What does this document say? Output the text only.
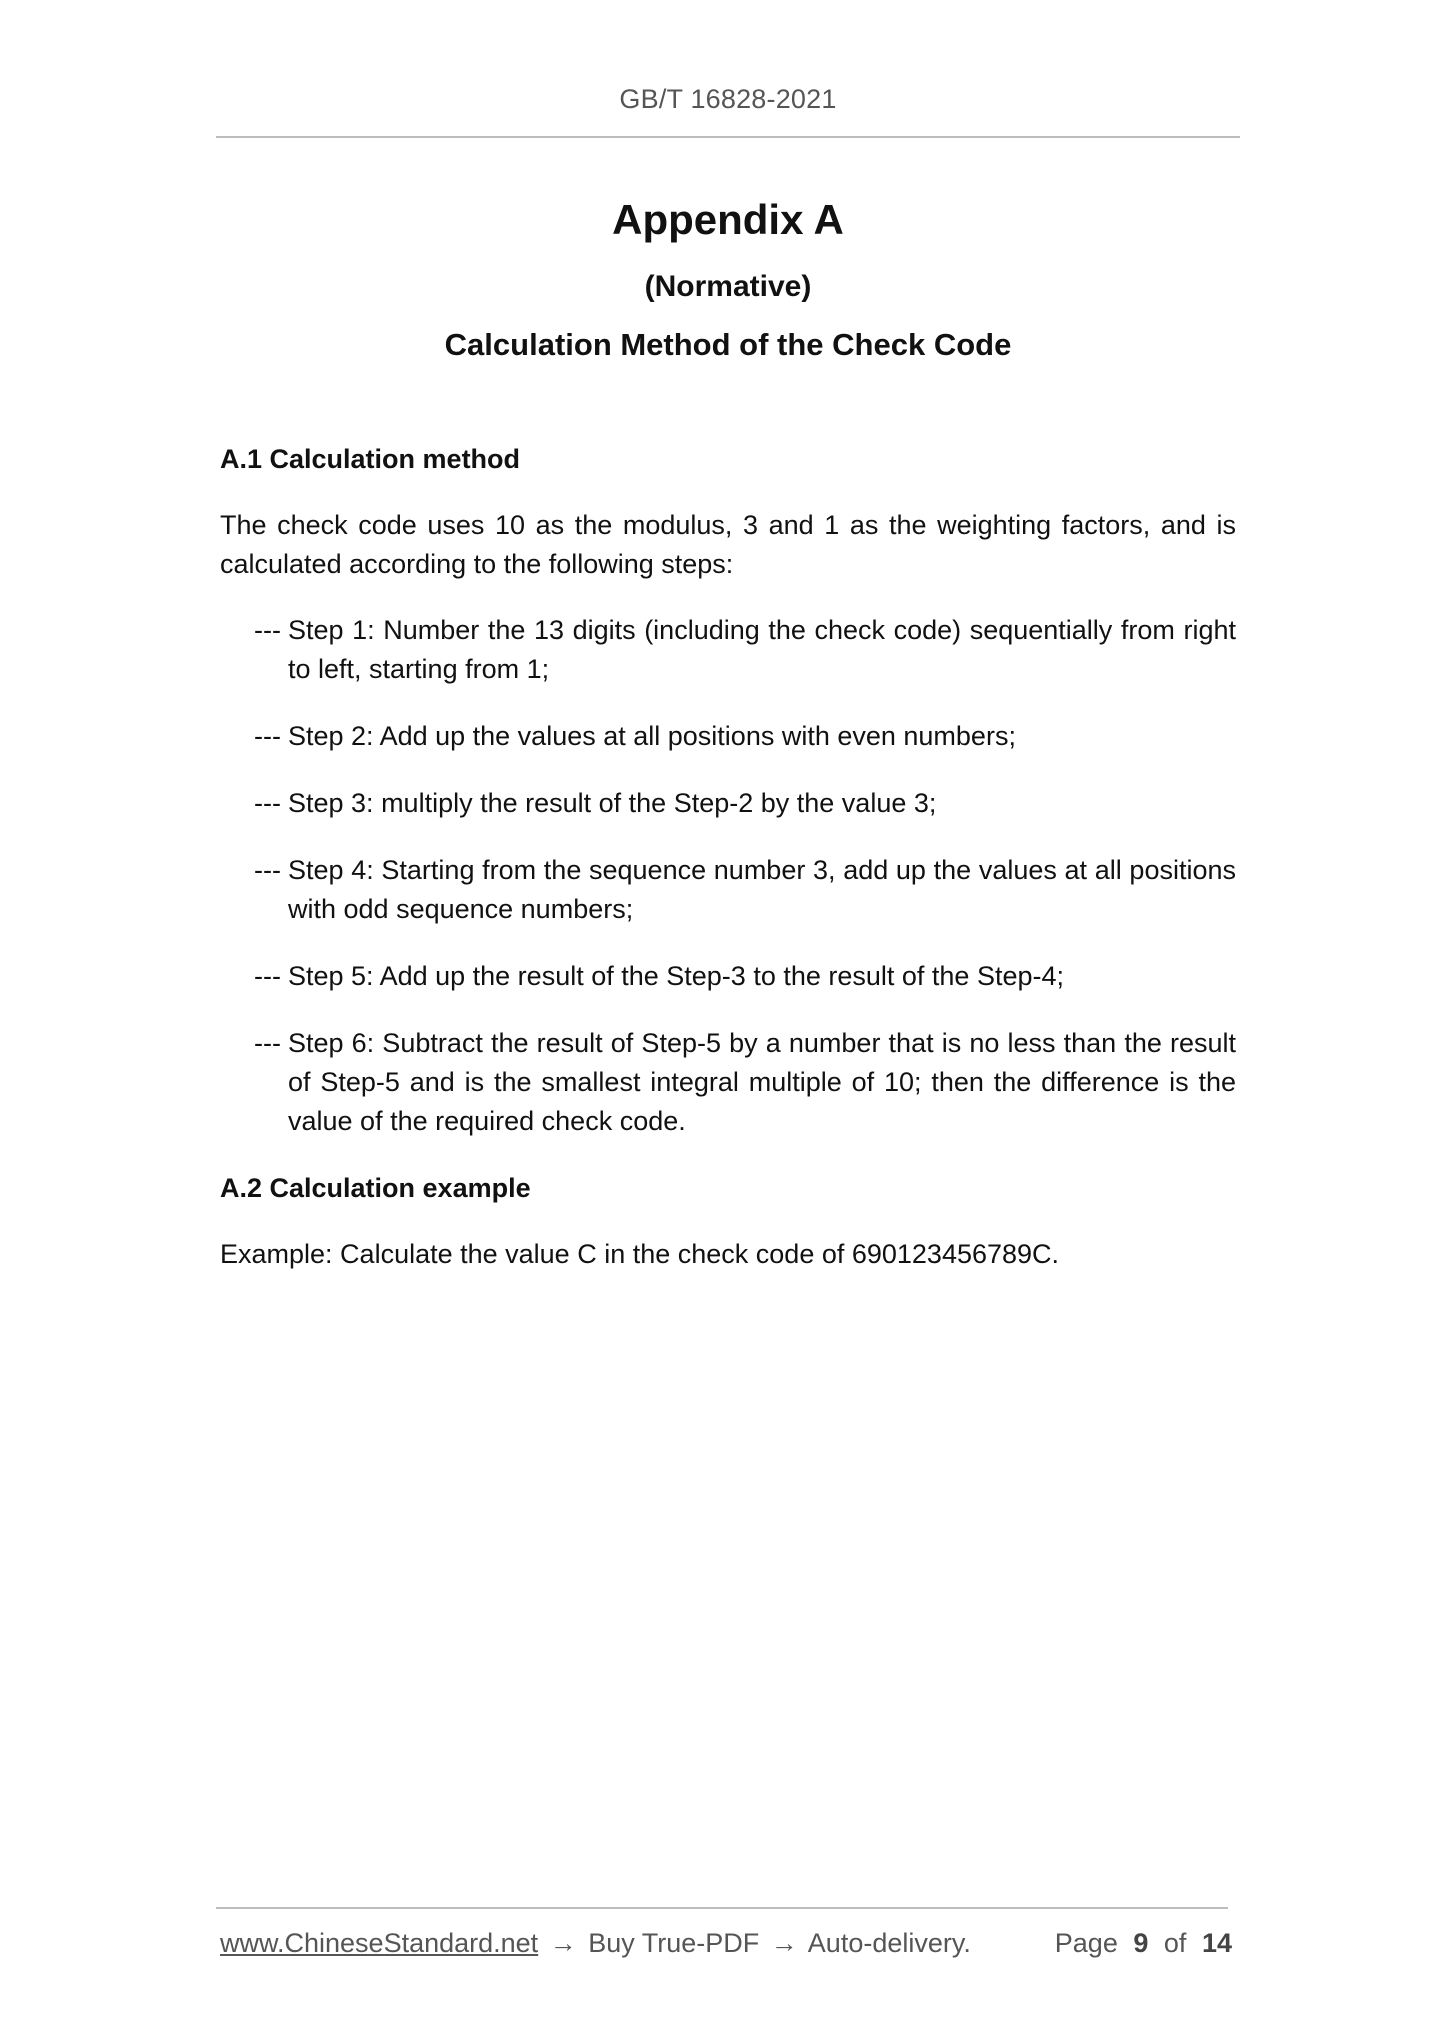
GB/T 16828-2021
Appendix A
(Normative)
Calculation Method of the Check Code
A.1 Calculation method
The check code uses 10 as the modulus, 3 and 1 as the weighting factors, and is calculated according to the following steps:
--- Step 1: Number the 13 digits (including the check code) sequentially from right to left, starting from 1;
--- Step 2: Add up the values at all positions with even numbers;
--- Step 3: multiply the result of the Step-2 by the value 3;
--- Step 4: Starting from the sequence number 3, add up the values at all positions with odd sequence numbers;
--- Step 5: Add up the result of the Step-3 to the result of the Step-4;
--- Step 6: Subtract the result of Step-5 by a number that is no less than the result of Step-5 and is the smallest integral multiple of 10; then the difference is the value of the required check code.
A.2 Calculation example
Example: Calculate the value C in the check code of 690123456789C.
www.ChineseStandard.net → Buy True-PDF → Auto-delivery.	Page 9 of 14
